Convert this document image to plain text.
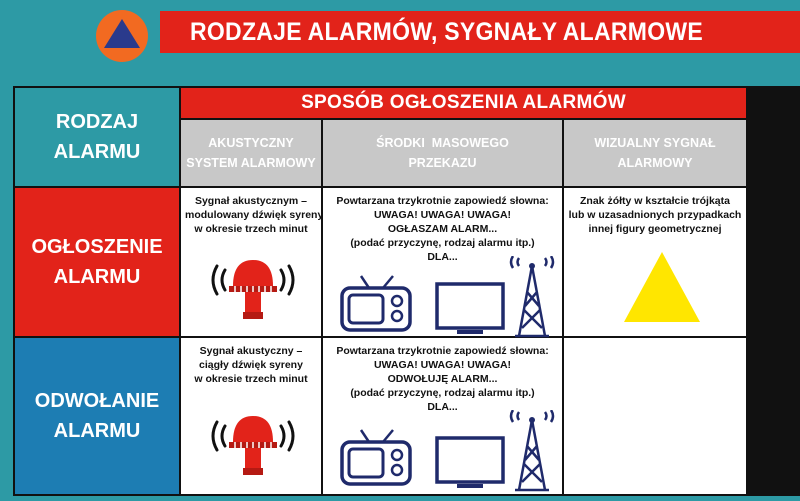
RODZAJE ALARMÓW, SYGNAŁY ALARMOWE
RODZAJ
ALARMU
SPOSÓB OGŁOSZENIA ALARMÓW
AKUSTYCZNY
SYSTEM ALARMOWY
ŚRODKI  MASOWEGO
PRZEKAZU
WIZUALNY SYGNAŁ
ALARMOWY
OGŁOSZENIE
ALARMU
Sygnał akustycznym –
modulowany dźwięk syreny
w okresie trzech minut
Powtarzana trzykrotnie zapowiedź słowna:
UWAGA! UWAGA! UWAGA!
OGŁASZAM ALARM...
(podać przyczynę, rodzaj alarmu itp.)
DLA...
Znak żółty w kształcie trójkąta
lub w uzasadnionych przypadkach
innej figury geometrycznej
ODWOŁANIE
ALARMU
Sygnał akustyczny –
ciągły dźwięk syreny
w okresie trzech minut
Powtarzana trzykrotnie zapowiedź słowna:
UWAGA! UWAGA! UWAGA!
ODWOŁUJĘ ALARM...
(podać przyczynę, rodzaj alarmu itp.)
DLA...
